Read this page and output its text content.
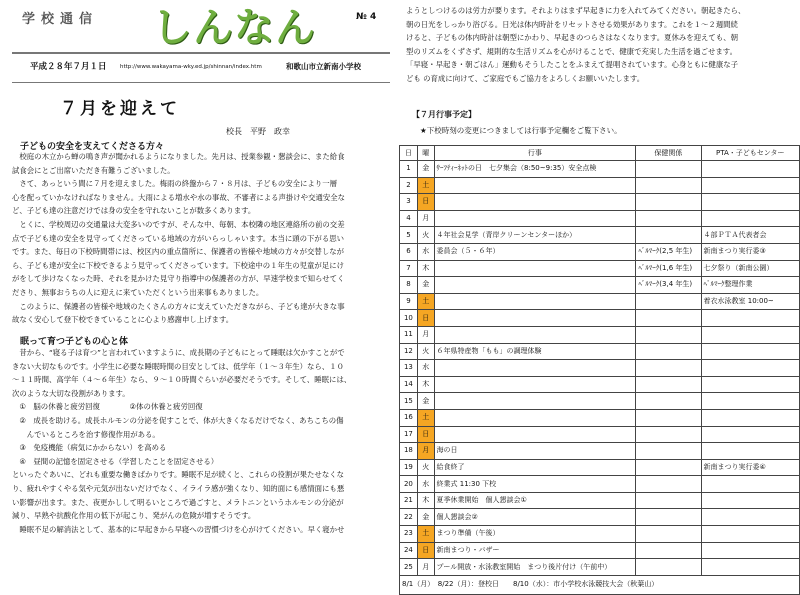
学校通信 しんなん	№ 4
平成２８年７月１日 http://www.wakayama-wky.ed.jp/shinnan/index.htm	和歌山市立新南小学校
７月を迎えて
校長　平野　政幸
子どもの安全を支えてくださる方々
　校庭の木立から蝉の鳴き声が聞かれるようになりました。先月は、授業参観・懇談会に、また給食
試食会にとご出席いただき有難うございました。
　さて、あっという間に７月を迎えました。梅雨の終盤から７・８月は、子どもの安全により一層
心を配っていかなければなりません。大雨による増水や水の事故、不審者による声掛けや交通安全な
ど、子ども達の注意だけでは身の安全を守れないことが数多くあります。
　とくに、学校周辺の交通量は大変多いのですが、そんな中、毎朝、本校隣の地区連絡所の前の交差
点で子ども達の安全を見守ってくださっている地域の方がいらっしゃいます。本当に頭の下がる思い
です。また、毎日の下校時間帯には、校区内の重点箇所に、保護者の皆様や地域の方々が交替しなが
ら、子ども達が安全に下校できるよう見守ってくださっています。下校途中の１年生の児童が足にけ
がをして歩けなくなった時、それを見かけた見守り指導中の保護者の方が、早速学校まで知らせてく
ださり、無事おうちの人に迎えに来ていただくという出来事もありました。
　このように、保護者の皆様や地域のたくさんの方々に支えていただきながら、子ども達が大きな事
故なく安心して登下校できていることに心より感謝申し上げます。
眠って育つ子どもの心と体
　昔から、“寝る子は育つ”と言われていますように、成長期の子どもにとって睡眠は欠かすことがで
きない大切なものです。小学生に必要な睡眠時間の目安としては、低学年（１～３年生）なら、１０
～１１時間、高学年（４～６年生）なら、９～１０時間ぐらいが必要だそうです。そして、睡眠には、
次のような大切な役割があります。
　①　脳の休養と疲労回復　　　　②体の休養と疲労回復
　②　成長を助ける。成長ホルモンの分泌を促すことで、体が大きくなるだけでなく、あちこちの傷
　　んでいるところを治す修復作用がある。
　③　免疫機能（病気にかからない）を高める
　④　昼間の記憶を固定させる（学習したことを固定させる）
といったぐあいに、どれも重要な働きばかりです。睡眠不足が続くと、これらの役割が果たせなくな
り、疲れやすくやる気や元気が出ないだけでなく、イライラ感が強くなり、知的面にも感情面にも悪
い影響が出ます。また、夜更かしして明るいところで過ごすと、メラトニンというホルモンの分泌が
減り、早熟や抗酸化作用の低下が起こり、発がんの危険が増すそうです。
　睡眠不足の解消法として、基本的に早起きから早寝への習慣づけを心がけてください。早く寝かせ
ようとしつけるのは労力が要ります。それよりはまず早起きに力を入れてみてください。朝起きたら、
朝の日光をしっかり浴びる。日光は体内時計をリセットさせる効果があります。これを１～２週間続
けると、子どもの体内時計は朝型にかわり、早起きのつらさはなくなります。夏休みを迎えても、朝
型のリズムをくずさず、規則的な生活リズムを心がけることで、健康で充実した生活を過ごせます。
「早寝・早起き・朝ごはん」運動もそうしたことをふまえて提唱されています。心身ともに健康な子
ども の育成に向けて、ご家庭でもご協力をよろしくお願いいたします。
【７月行事予定】
★下校時刻の変更につきましては行事予定欄をご覧下さい。
日	曜	行事	保健関係	PTA・子どもセンター
1	金	ｻｰﾌﾃｨｰﾈｯﾄの日　七夕集会（8:50~9:35）安全点検		
2	土			
3	日			
4	月			
5	火	４年社会見学（青岸クリーンセンターほか）		４部ＰＴＡ代表者会
6	水	委員会（５・６年）	ﾍﾞﾙﾏｰｸ(2,5 年生)	新南まつり実行委③
7	木		ﾍﾞﾙﾏｰｸ(1,6 年生)	七夕祭り（新南公園）
8	金		ﾍﾞﾙﾏｰｸ(3,4 年生)	ﾍﾞﾙﾏｰｸ整理作業
9	土			着衣水泳教室 10:00~
10	日			
11	月			
12	火	６年県特産物「もも」の調理体験		
13	水			
14	木			
15	金			
16	土			
17	日			
18	月	海の日		
19	火	給食終了		新南まつり実行委④
20	水	終業式 11:30 下校		
21	木	夏季休業開始　個人懇談会①		
22	金	個人懇談会②		
23	土	まつり準備（午後）		
24	日	新南まつり・バザー		
25	月	プール開放・水泳教室開始　まつり後片付け（午前中）		
8/1（月）　8/22（月）：登校日　　8/10（水）：市小学校水泳競技大会（秋葉山）				
